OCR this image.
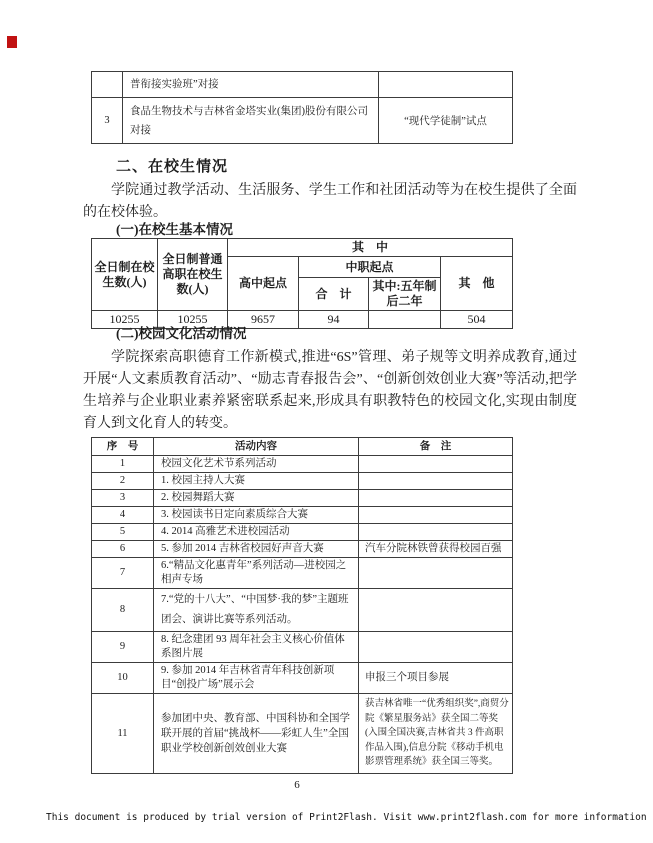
	普衔接实验班”对接	
3	食品生物技术与吉林省金塔实业(集团)股份有限公司对接	“现代学徒制”试点
二、在校生情况

学院通过教学活动、生活服务、学生工作和社团活动等为在校生提供了全面的在校体验。

(一)在校生基本情况
全日制在校生数(人)	全日制普通高职在校生数(人)	其　中			
		高中起点	中职起点		其　他
			合　计	其中:五年制后二年	
10255	10255	9657	94		504
(二)校园文化活动情况

学院探索高职德育工作新模式,推进“6S”管理、弟子规等文明养成教育,通过开展“人文素质教育活动”、“励志青春报告会”、“创新创效创业大赛”等活动,把学生培养与企业职业素养紧密联系起来,形成具有职教特色的校园文化,实现由制度育人到文化育人的转变。

序　号	活动内容	备　注
1	校园文化艺术节系列活动	
2	1. 校园主持人大赛	
3	2. 校园舞蹈大赛	
4	3. 校园读书日定向素质综合大赛	
5	4. 2014 高雅艺术进校园活动	
6	5. 参加 2014 吉林省校园好声音大赛	汽车分院林铁曾获得校园百强
7	6.“精品文化惠青年”系列活动—进校园之相声专场	
8	7.“党的十八大”、“中国梦·我的梦”主题班团会、演讲比赛等系列活动。	
9	8. 纪念建团 93 周年社会主义核心价值体系图片展	
10	9. 参加 2014 年吉林省青年科技创新项目“创投广场”展示会	申报三个项目参展
11	参加团中央、教育部、中国科协和全国学联开展的首届“挑战杯——彩虹人生”全国职业学校创新创效创业大赛	获吉林省唯一“优秀组织奖”,商贸分院《繁星服务站》获全国二等奖(入围全国决赛,吉林省共 3 件高职作品入围),信息分院《移动手机电影票管理系统》获全国三等奖。
6
This document is produced by trial version of Print2Flash. Visit www.print2flash.com for more information
